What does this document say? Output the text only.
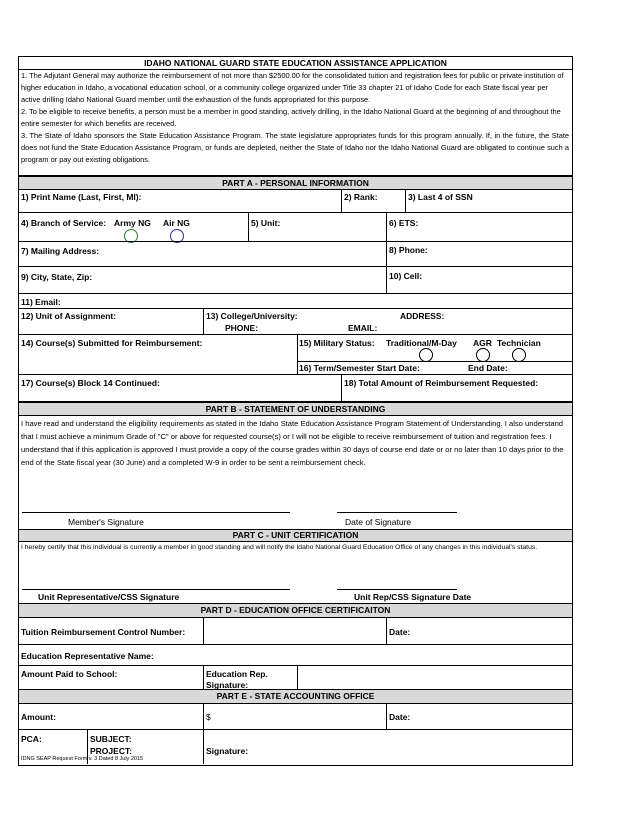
IDAHO NATIONAL GUARD STATE EDUCATION ASSISTANCE APPLICATION
1. The Adjutant General may authorize the reimbursement of not more than $2500.00 for the consolidated tuition and registration fees for public or private institution of higher education in Idaho, a vocational education school, or a community college organized under Title 33 chapter 21 of Idaho Code for each State fiscal year per active drilling Idaho National Guard member until the exhaustion of the funds appropriated for this purpose.
2. To be eligible to receive benefits, a person must be a member in good standing, actively drilling, in the Idaho National Guard at the beginning of and throughout the entire semester for which benefits are received.
3. The State of Idaho sponsors the State Education Assistance Program. The state legislature appropriates funds for this program annually. If, in the future, the State does not fund the State Education Assistance Program, or funds are depleted, neither the State of Idaho nor the Idaho National Guard are obligated to continue such a program or pay out existing obligations.
PART A - PERSONAL INFORMATION
1) Print Name (Last, First, MI):	2) Rank:	3) Last 4 of SSN
4) Branch of Service: Army NG Air NG	5) Unit:	6) ETS:
7) Mailing Address:	8) Phone:
9) City, State, Zip:	10) Cell:
11) Email:
12) Unit of Assignment:	13) College/University:	ADDRESS:
PHONE:	EMAIL:
14) Course(s) Submitted for Reimbursement:	15) Military Status: Traditional/M-Day AGR Technician
16) Term/Semester Start Date:	End Date:
17) Course(s) Block 14 Continued:	18) Total Amount of Reimbursement Requested:
PART B - STATEMENT OF UNDERSTANDING
I have read and understand the eligibility requirements as stated in the Idaho State Education Assistance Program Statement of Understanding. I also understand that I must achieve a minimum Grade of "C" or above for requested course(s) or I will not be eligible to receive reimbursement of tuition and registration fees. I understand that if this application is approved I must provide a copy of the course grades within 30 days of course end date or or no later than 10 days prior to the end of the State fiscal year (30 June) and a completed W-9 in order to be sent a reimbursement check.
Member's Signature	Date of Signature
PART C - UNIT CERTIFICATION
I hereby certify that this individual is currently a member in good standing and will notify the Idaho National Guard Education Office of any changes in this individual's status.
Unit Representative/CSS Signature	Unit Rep/CSS Signature Date
PART D - EDUCATION OFFICE CERTIFICAITON
Tuition Reimbursement Control Number:	Date:
Education Representative Name:
Amount Paid to School:	Education Rep. Signature:
PART E - STATE ACCOUNTING OFFICE
Amount:	$	Date:
PCA:	SUBJECT:
PROJECT:	Signature:
IDNG SEAP Request Form v. 3 Dated 8 July 2015
